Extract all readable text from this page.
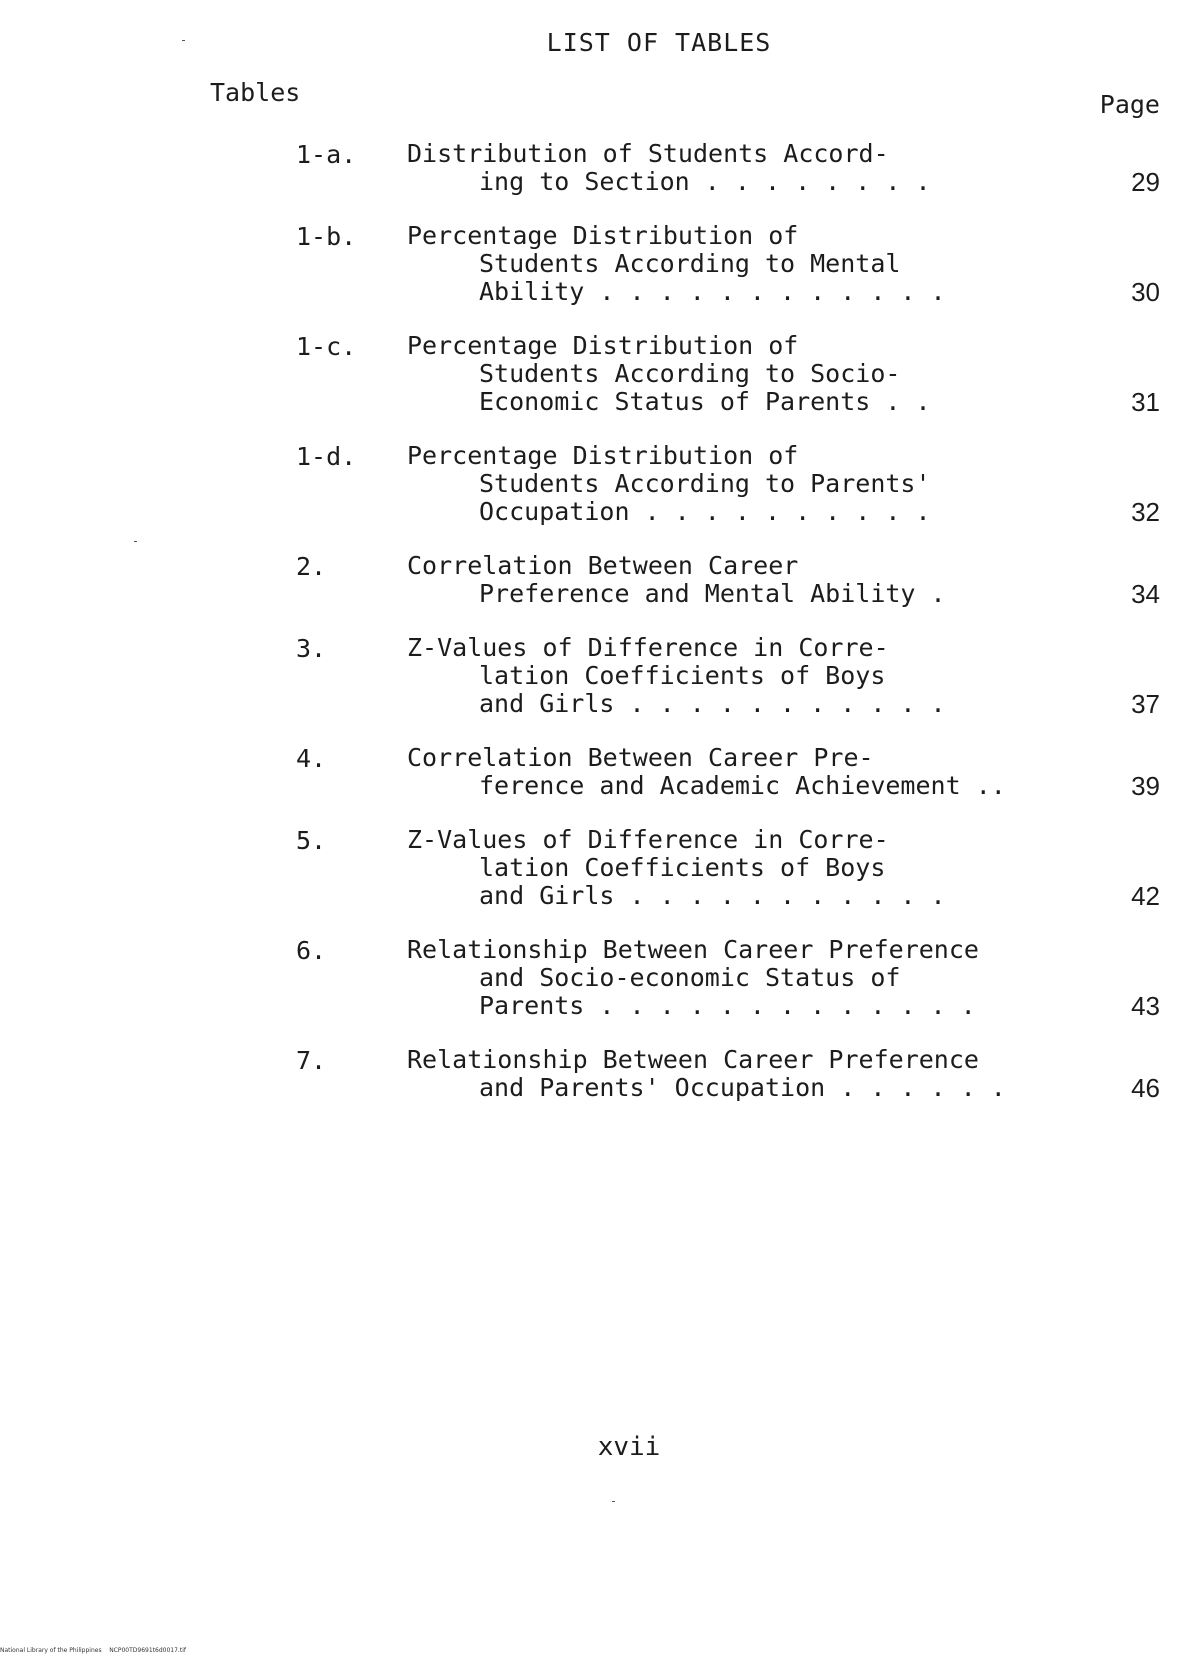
LIST OF TABLES
Tables	Page
1-a. Distribution of Students Accord-
ing to Section . . . . . . . .	29
1-b. Percentage Distribution of
Students According to Mental
Ability . . . . . . . . . . . .	30
1-c. Percentage Distribution of
Students According to Socio-
Economic Status of Parents . .	31
1-d. Percentage Distribution of
Students According to Parents'
Occupation . . . . . . . . . .	32
2.	Correlation Between Career
Preference and Mental Ability .	34
3.	Z-Values of Difference in Corre-
lation Coefficients of Boys
and Girls . . . . . . . . . . .	37
4.	Correlation Between Career Pre-
ference and Academic Achievement ..	39
5.	Z-Values of Difference in Corre-
lation Coefficients of Boys
and Girls . . . . . . . . . . .	42
6.	Relationship Between Career Preference
and Socio-economic Status of
Parents . . . . . . . . . . . . .	43
7.	Relationship Between Career Preference
and Parents' Occupation . . . . . .	46
xvii
National Library of the Philippines    NCP00TD9691t6d0017.tif
